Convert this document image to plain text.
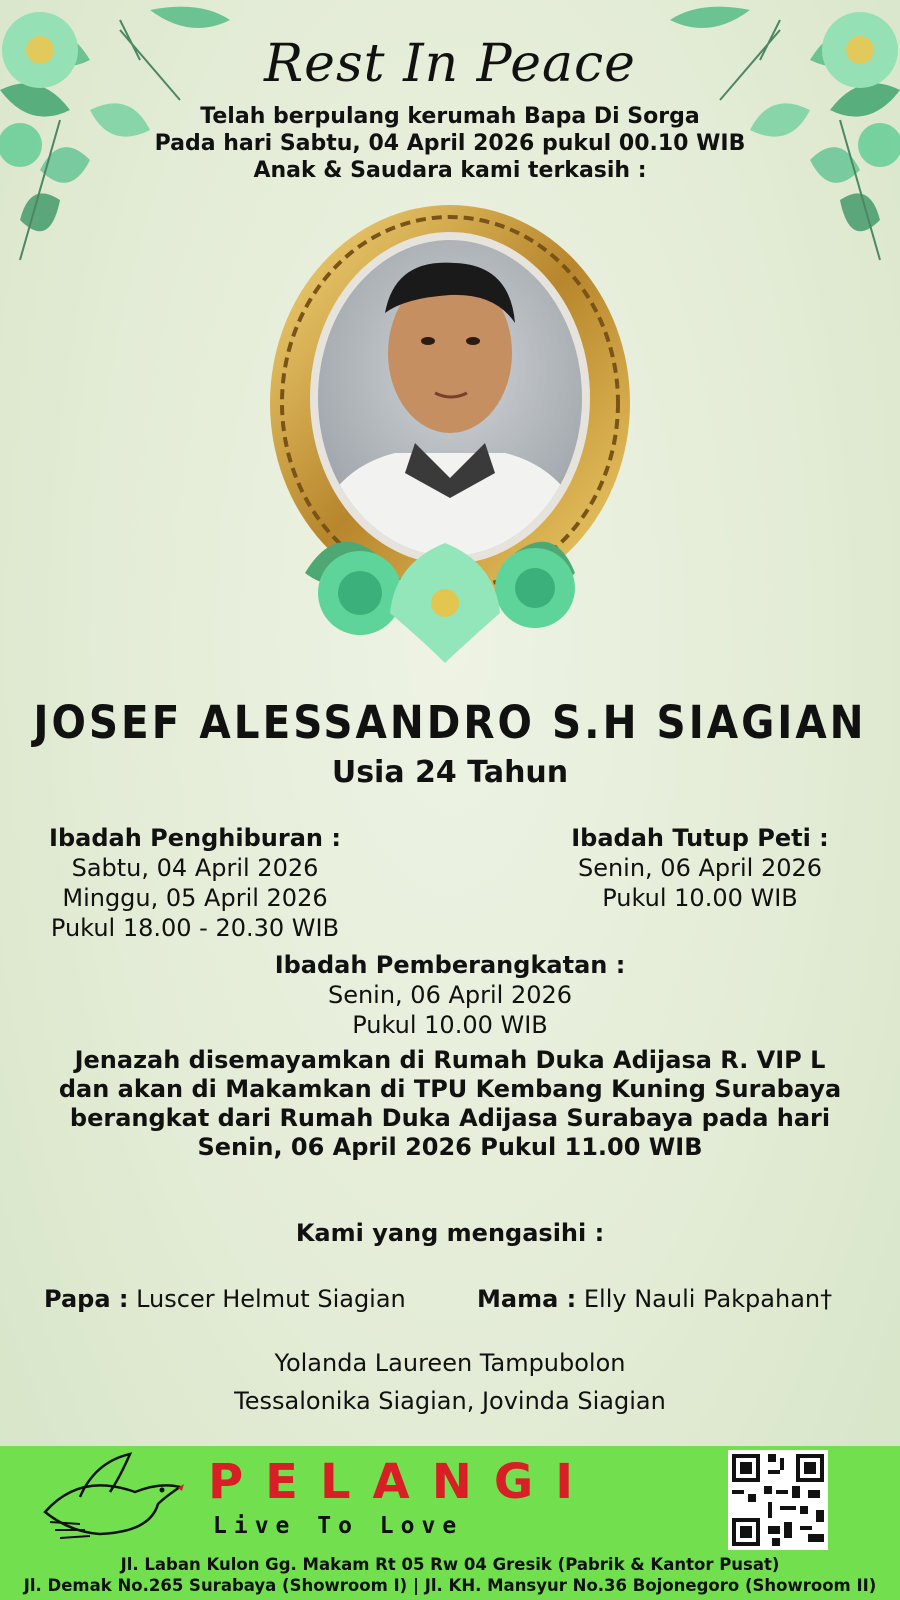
Rest In Peace
Telah berpulang kerumah Bapa Di Sorga
Pada hari Sabtu, 04 April 2026 pukul 00.10 WIB
Anak & Saudara kami terkasih :
JOSEF ALESSANDRO S.H SIAGIAN
Usia 24 Tahun
Ibadah Penghiburan :
Sabtu, 04 April 2026
Minggu, 05 April 2026
Pukul 18.00 - 20.30 WIB
Ibadah Tutup Peti :
Senin, 06 April 2026
Pukul 10.00 WIB
Ibadah Pemberangkatan :
Senin, 06 April 2026
Pukul 10.00 WIB
Jenazah disemayamkan di Rumah Duka Adijasa R. VIP L
dan akan di Makamkan di TPU Kembang Kuning Surabaya
berangkat dari Rumah Duka Adijasa Surabaya pada hari
Senin, 06 April 2026 Pukul 11.00 WIB
Kami yang mengasihi :
Papa : Luscer Helmut Siagian	Mama : Elly Nauli Pakpahan†
Yolanda Laureen Tampubolon
Tessalonika Siagian, Jovinda Siagian
PELANGI
Live To Love
Jl. Laban Kulon Gg. Makam Rt 05 Rw 04 Gresik (Pabrik & Kantor Pusat)
Jl. Demak No.265 Surabaya (Showroom I) | Jl. KH. Mansyur No.36 Bojonegoro (Showroom II)
